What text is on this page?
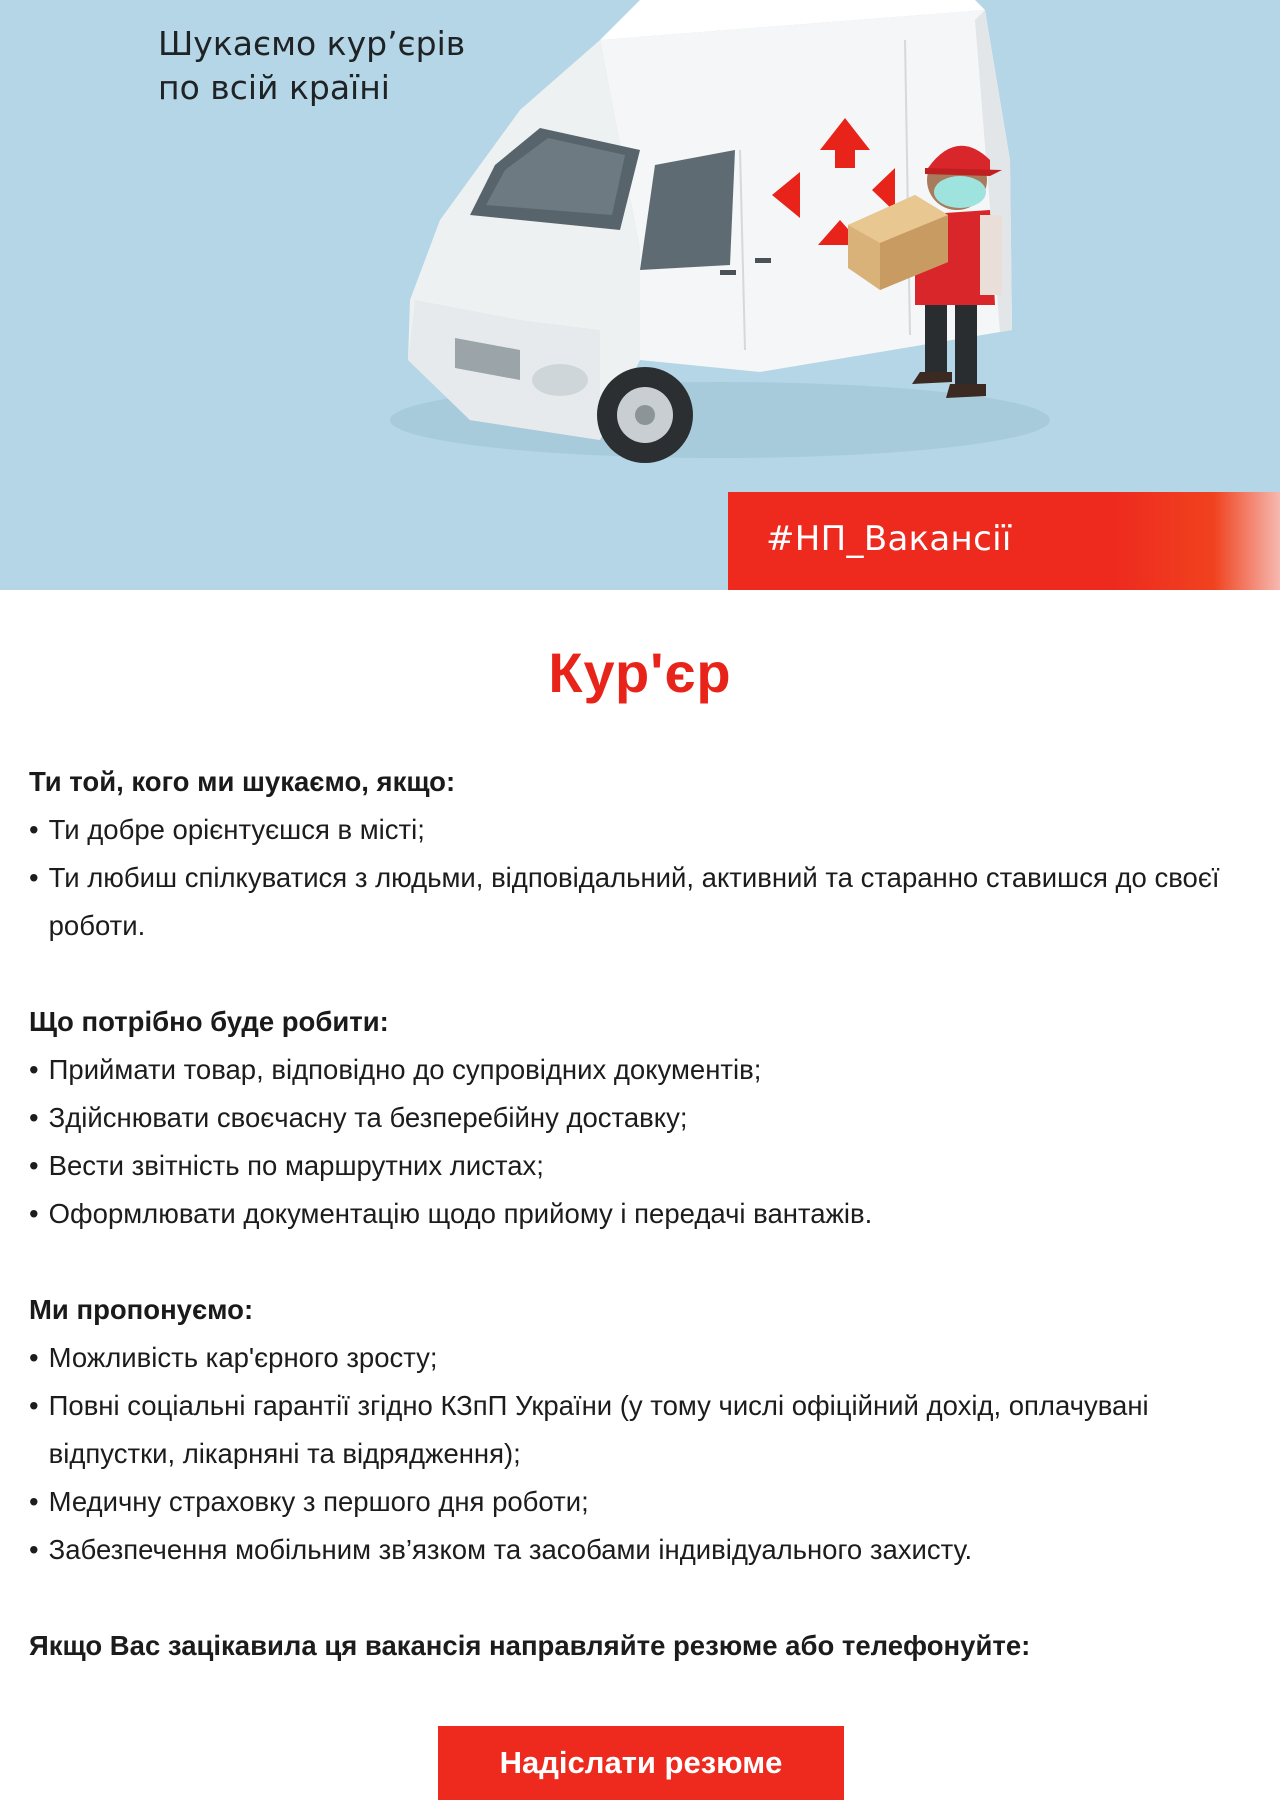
Шукаємо кур’єрів
по всій країні
#НП_Вакансії
Кур'єр
Ти той, кого ми шукаємо, якщо:
• Ти добре орієнтуєшся в місті;
• Ти любиш спілкуватися з людьми, відповідальний, активний та старанно ставишся до своєї роботи.
Що потрібно буде робити:
• Приймати товар, відповідно до супровідних документів;
• Здійснювати своєчасну та безперебійну доставку;
• Вести звітність по маршрутних листах;
• Оформлювати документацію щодо прийому і передачі вантажів.
Ми пропонуємо:
• Можливість кар'єрного зросту;
• Повні соціальні гарантії згідно КЗпП України (у тому числі офіційний дохід, оплачувані відпустки, лікарняні та відрядження);
• Медичну страховку з першого дня роботи;
• Забезпечення мобільним зв’язком та засобами індивідуального захисту.
Якщо Вас зацікавила ця вакансія направляйте резюме або телефонуйте:
Надіслати резюме
